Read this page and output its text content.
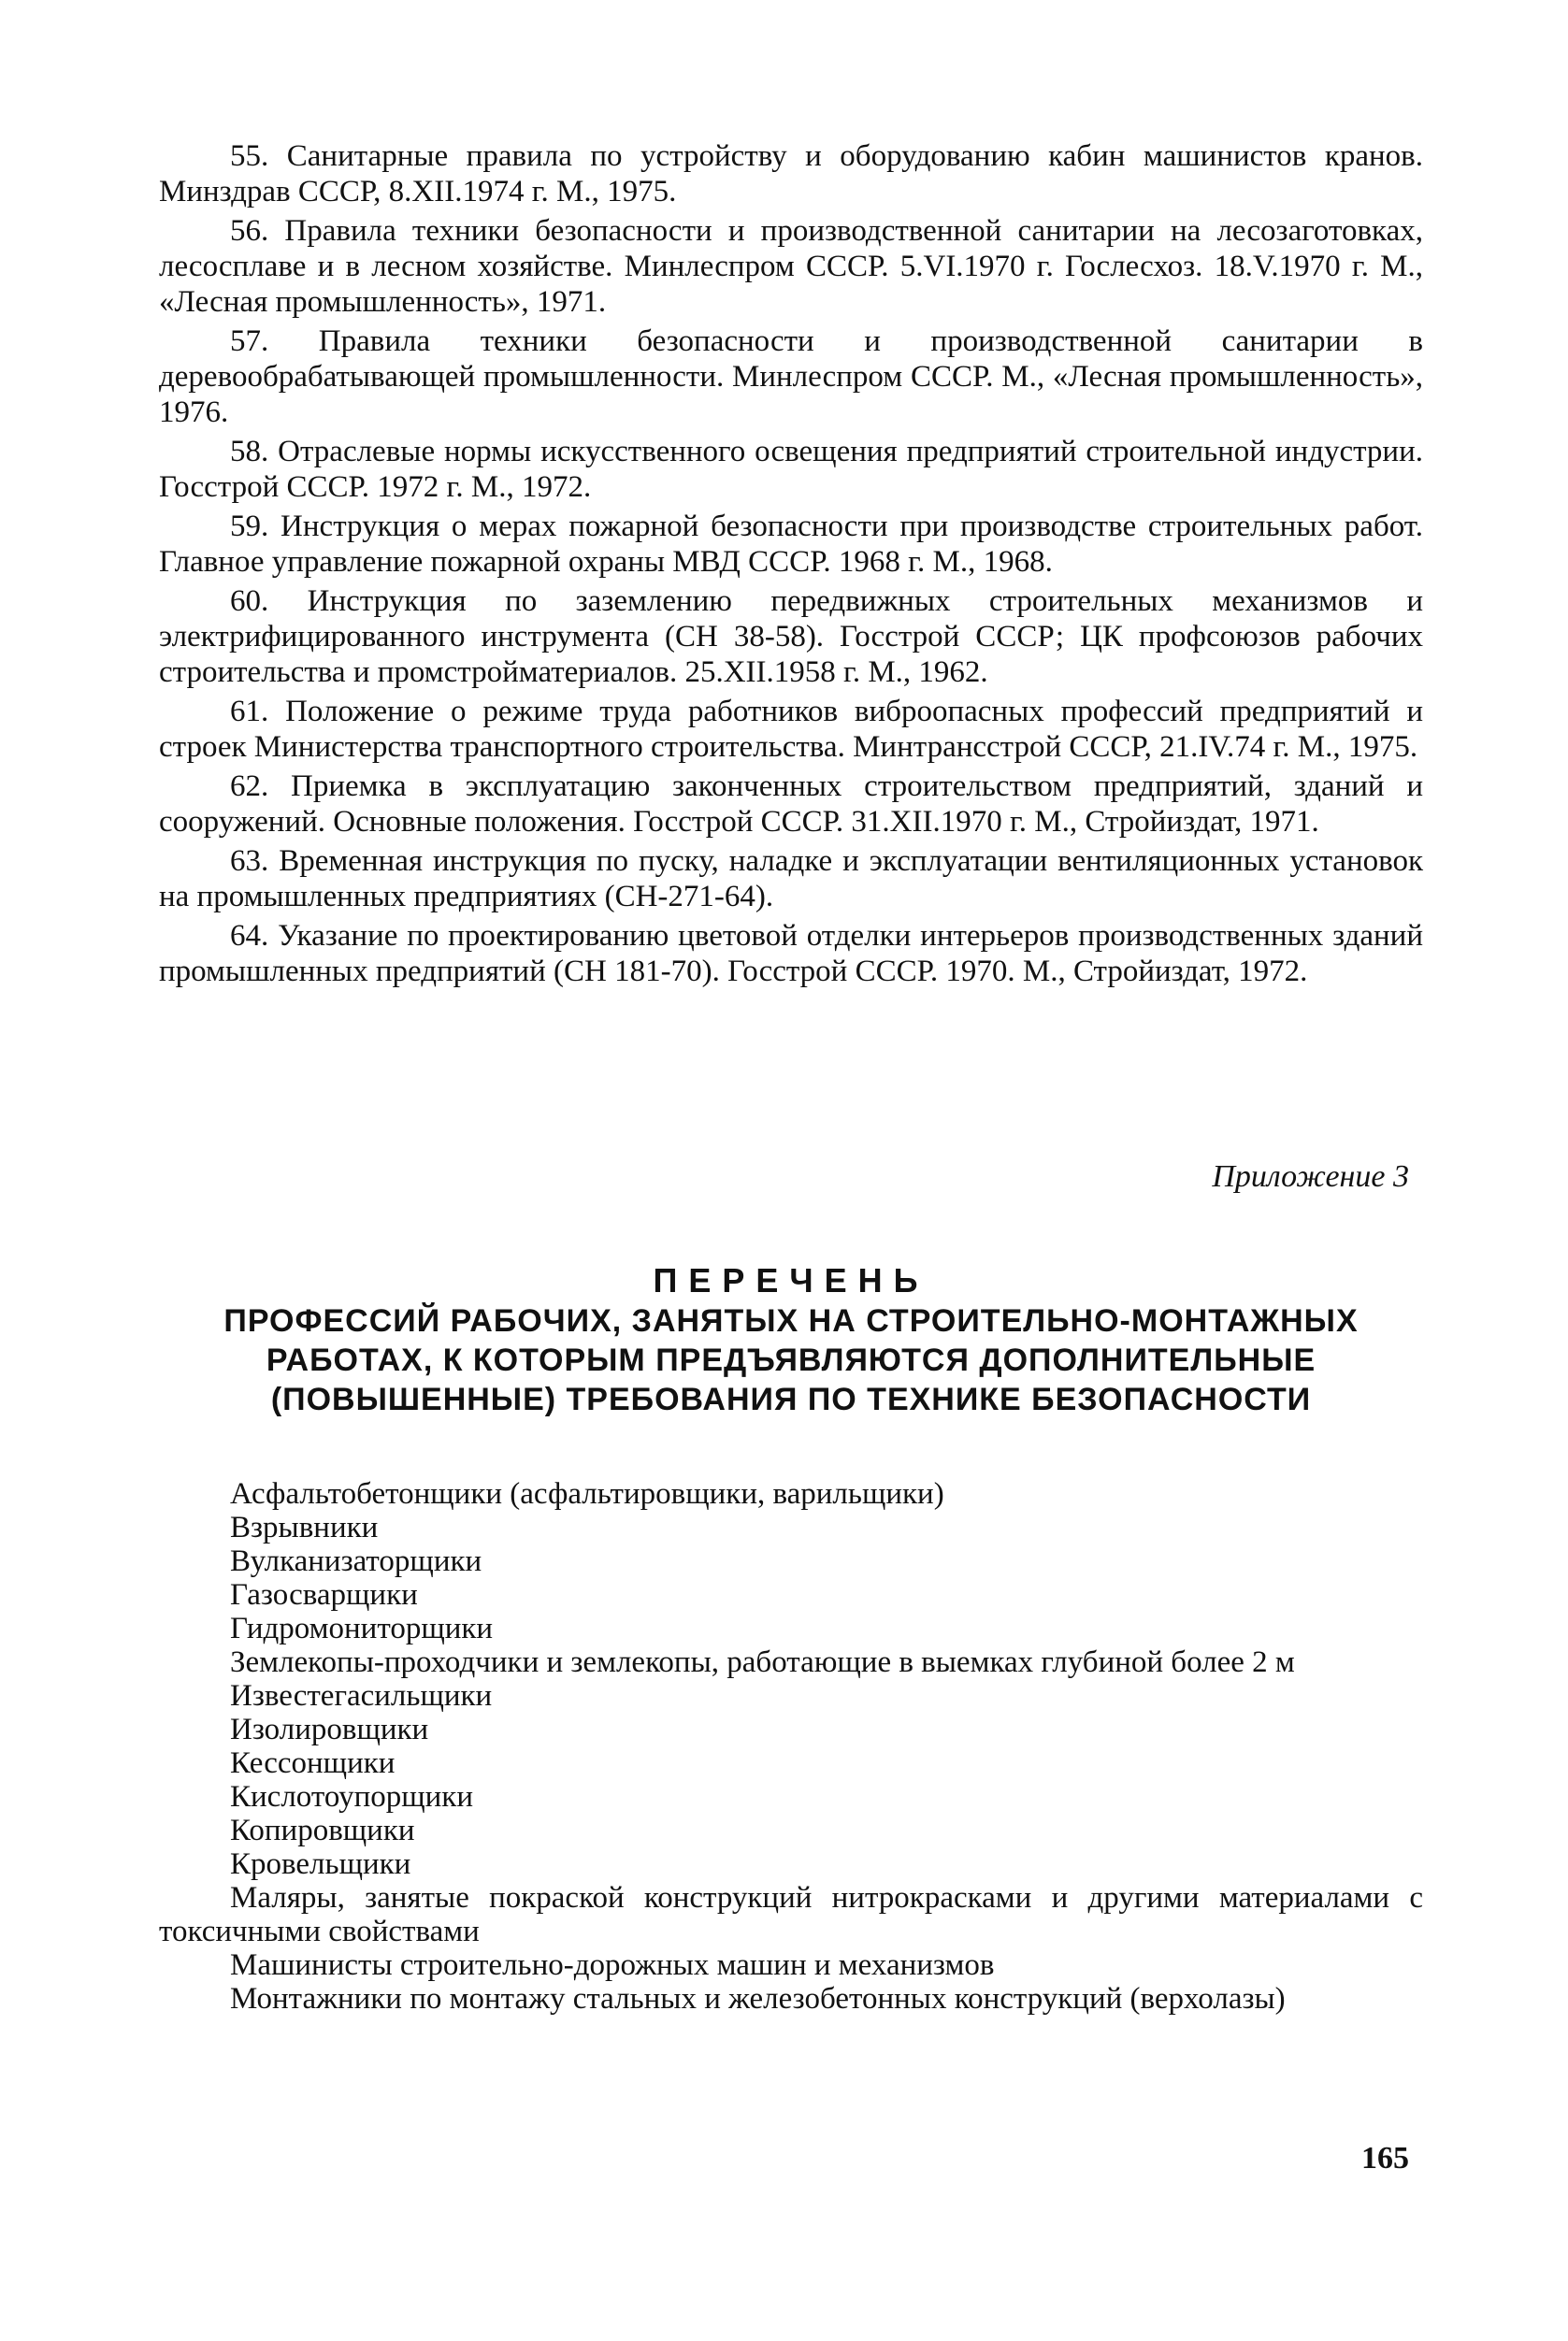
55. Санитарные правила по устройству и оборудованию кабин машинистов кранов. Минздрав СССР, 8.XII.1974 г. М., 1975.

56. Правила техники безопасности и производственной санитарии на лесозаготовках, лесосплаве и в лесном хозяйстве. Минлеспром СССР. 5.VI.1970 г. Гослесхоз. 18.V.1970 г. М., «Лесная промышленность», 1971.

57. Правила техники безопасности и производственной санитарии в деревообрабатывающей промышленности. Минлеспром СССР. М., «Лесная промышленность», 1976.

58. Отраслевые нормы искусственного освещения предприятий строительной индустрии. Госстрой СССР. 1972 г. М., 1972.

59. Инструкция о мерах пожарной безопасности при производстве строительных работ. Главное управление пожарной охраны МВД СССР. 1968 г. М., 1968.

60. Инструкция по заземлению передвижных строительных механизмов и электрифицированного инструмента (СН 38-58). Госстрой СССР; ЦК профсоюзов рабочих строительства и промстройматериалов. 25.XII.1958 г. М., 1962.

61. Положение о режиме труда работников виброопасных профессий предприятий и строек Министерства транспортного строительства. Минтрансстрой СССР, 21.IV.74 г. М., 1975.

62. Приемка в эксплуатацию законченных строительством предприятий, зданий и сооружений. Основные положения. Госстрой СССР. 31.XII.1970 г. М., Стройиздат, 1971.

63. Временная инструкция по пуску, наладке и эксплуатации вентиляционных установок на промышленных предприятиях (СН-271-64).

64. Указание по проектированию цветовой отделки интерьеров производственных зданий промышленных предприятий (СН 181-70). Госстрой СССР. 1970. М., Стройиздат, 1972.

Приложение 3
ПЕРЕЧЕНЬ
ПРОФЕССИЙ РАБОЧИХ, ЗАНЯТЫХ НА СТРОИТЕЛЬНО-МОНТАЖНЫХ
РАБОТАХ, К КОТОРЫМ ПРЕДЪЯВЛЯЮТСЯ ДОПОЛНИТЕЛЬНЫЕ
(ПОВЫШЕННЫЕ) ТРЕБОВАНИЯ ПО ТЕХНИКЕ БЕЗОПАСНОСТИ
Асфальтобетонщики (асфальтировщики, варильщики)
Взрывники
Вулканизаторщики
Газосварщики
Гидромониторщики
Землекопы-проходчики и землекопы, работающие в выемках глубиной более 2 м
Известегасильщики
Изолировщики
Кессонщики
Кислотоупорщики
Копировщики
Кровельщики
Маляры, занятые покраской конструкций нитрокрасками и другими материалами с токсичными свойствами
Машинисты строительно-дорожных машин и механизмов
Монтажники по монтажу стальных и железобетонных конструкций (верхолазы)
165
